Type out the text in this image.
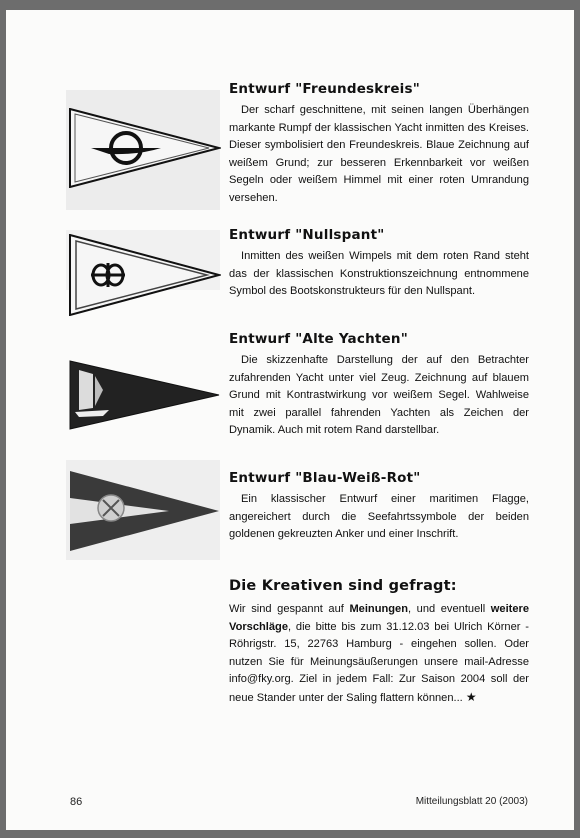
Entwurf "Freundeskreis"

Der scharf geschnittene, mit seinen langen Überhängen markante Rumpf der klassischen Yacht inmitten des Kreises. Dieser symbolisiert den Freundeskreis. Blaue Zeichnung auf weißem Grund; zur besseren Erkennbarkeit vor weißen Segeln oder weißem Himmel mit einer roten Umrandung versehen.

Entwurf "Nullspant"

Inmitten des weißen Wimpels mit dem roten Rand steht das der klassischen Konstruktionszeichnung entnommene Symbol des Bootskonstrukteurs für den Nullspant.

Entwurf "Alte Yachten"

Die skizzenhafte Darstellung der auf den Betrachter zufahrenden Yacht unter viel Zeug. Zeichnung auf blauem Grund mit Kontrastwirkung vor weißem Segel. Wahlweise mit zwei parallel fahrenden Yachten als Zeichen der Dynamik. Auch mit rotem Rand darstellbar.

Entwurf "Blau-Weiß-Rot"

Ein klassischer Entwurf einer maritimen Flagge, angereichert durch die Seefahrtssymbole der beiden goldenen gekreuzten Anker und einer Inschrift.

Die Kreativen sind gefragt:

Wir sind gespannt auf Meinungen, und eventuell weitere Vorschläge, die bitte bis zum 31.12.03 bei Ulrich Körner - Röhrigstr. 15, 22763 Hamburg - eingehen sollen. Oder nutzen Sie für Meinungsäußerungen unsere mail-Adresse info@fky.org. Ziel in jedem Fall: Zur Saison 2004 soll der neue Stander unter der Saling flattern können... ★

86	Mitteilungsblatt 20 (2003)
